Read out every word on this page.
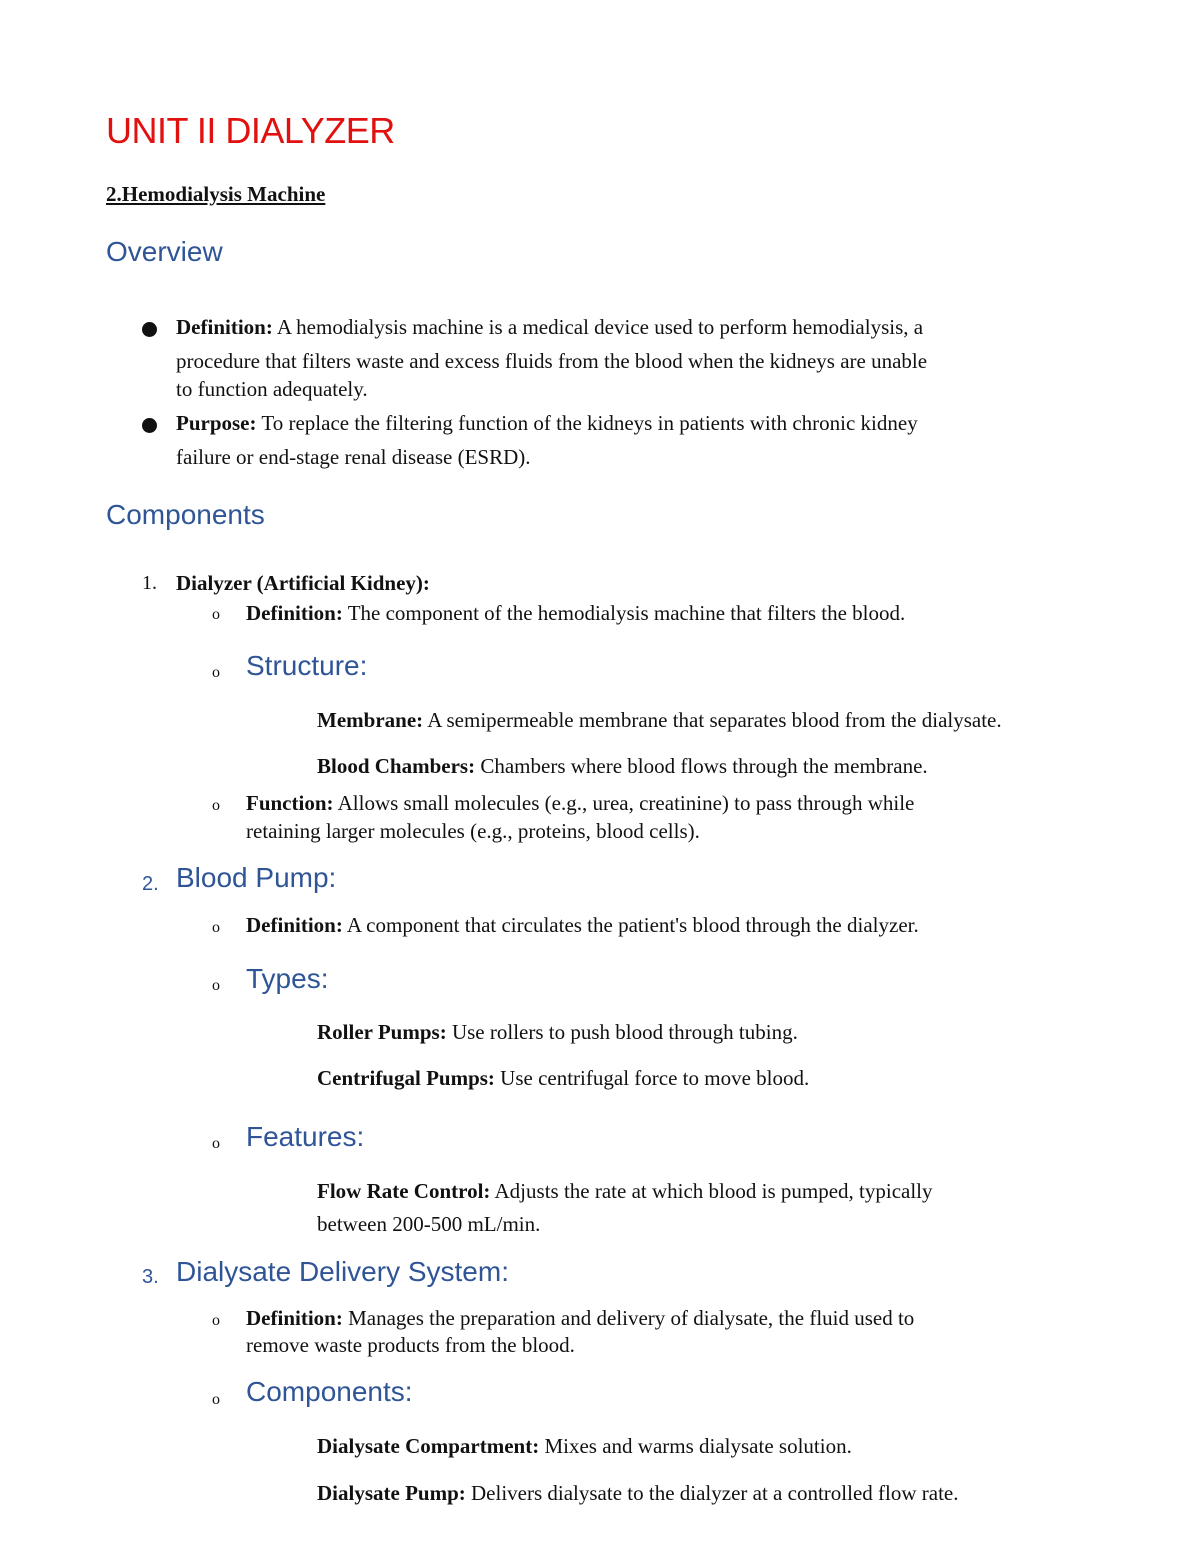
UNIT II DIALYZER
2.Hemodialysis Machine
Overview
Definition: A hemodialysis machine is a medical device used to perform hemodialysis, a
procedure that filters waste and excess fluids from the blood when the kidneys are unable
to function adequately.
Purpose: To replace the filtering function of the kidneys in patients with chronic kidney
failure or end-stage renal disease (ESRD).
Components
1. Dialyzer (Artificial Kidney):
o Definition: The component of the hemodialysis machine that filters the blood.
o Structure:
Membrane: A semipermeable membrane that separates blood from the dialysate.
Blood Chambers: Chambers where blood flows through the membrane.
o Function: Allows small molecules (e.g., urea, creatinine) to pass through while
retaining larger molecules (e.g., proteins, blood cells).
2. Blood Pump:
o Definition: A component that circulates the patient's blood through the dialyzer.
o Types:
Roller Pumps: Use rollers to push blood through tubing.
Centrifugal Pumps: Use centrifugal force to move blood.
o Features:
Flow Rate Control: Adjusts the rate at which blood is pumped, typically
between 200-500 mL/min.
3. Dialysate Delivery System:
o Definition: Manages the preparation and delivery of dialysate, the fluid used to
remove waste products from the blood.
o Components:
Dialysate Compartment: Mixes and warms dialysate solution.
Dialysate Pump: Delivers dialysate to the dialyzer at a controlled flow rate.
